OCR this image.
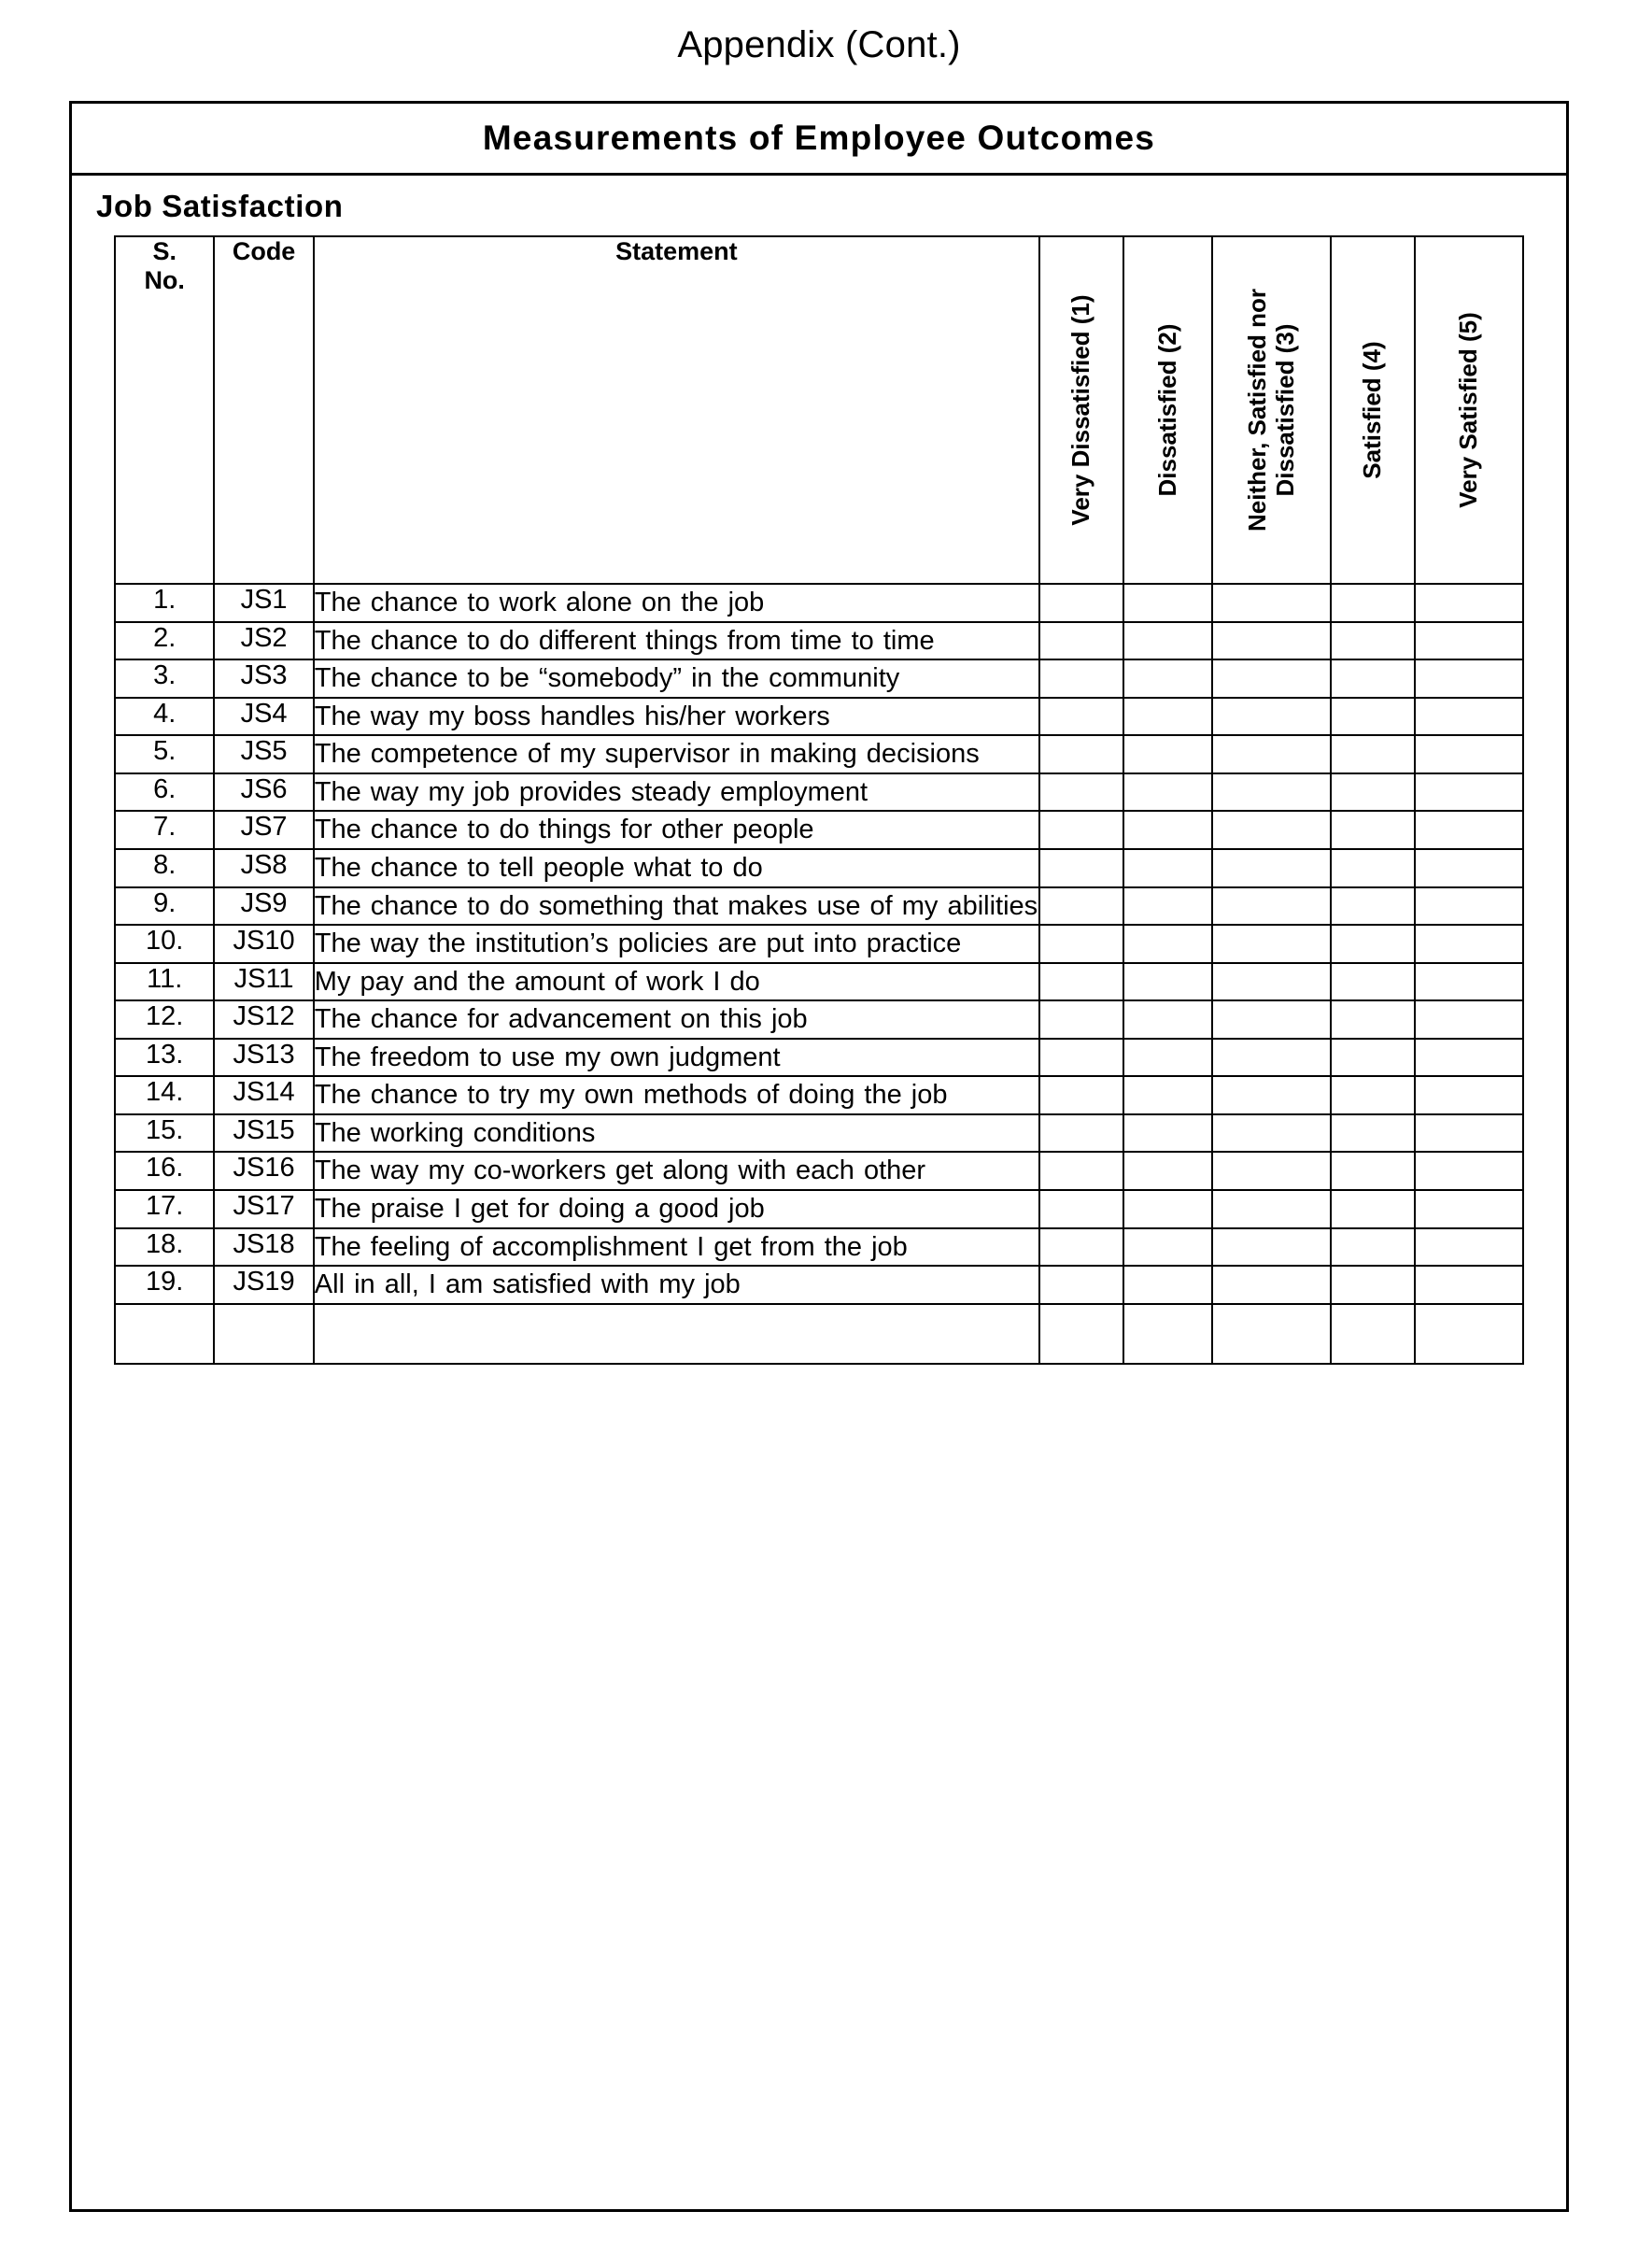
Appendix (Cont.)
Measurements of Employee Outcomes
Job Satisfaction
S.
No.	Code	Statement	Very Dissatisfied (1)	Dissatisfied (2)	Neither, Satisfied nor Dissatisfied (3)	Satisfied (4)	Very Satisfied (5)

1.	JS1	The chance to work alone on the job					
2.	JS2	The chance to do different things from time to time					
3.	JS3	The chance to be “somebody” in the community					
4.	JS4	The way my boss handles his/her workers					
5.	JS5	The competence of my supervisor in making decisions					
6.	JS6	The way my job provides steady employment					
7.	JS7	The chance to do things for other people					
8.	JS8	The chance to tell people what to do					
9.	JS9	The chance to do something that makes use of my abilities					
10.	JS10	The way the institution’s policies are put into practice					
11.	JS11	My pay and the amount of work I do					
12.	JS12	The chance for advancement on this job					
13.	JS13	The freedom to use my own judgment					
14.	JS14	The chance to try my own methods of doing the job					
15.	JS15	The working conditions					
16.	JS16	The way my co-workers get along with each other					
17.	JS17	The praise I get for doing a good job					
18.	JS18	The feeling of accomplishment I get from the job					
19.	JS19	All in all, I am satisfied with my job					
